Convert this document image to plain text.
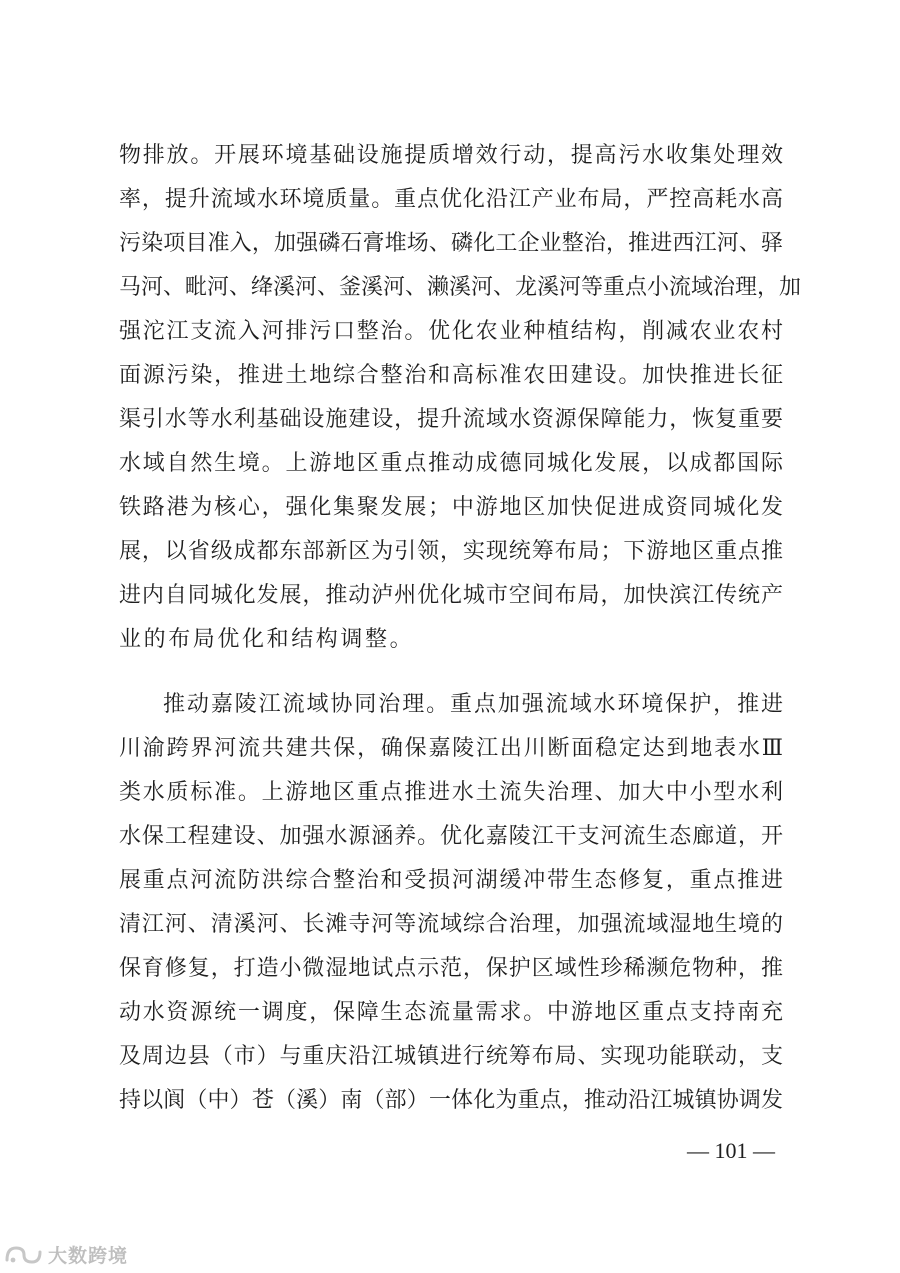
物排放。开展环境基础设施提质增效行动，提高污水收集处理效
率，提升流域水环境质量。重点优化沿江产业布局，严控高耗水高
污染项目准入，加强磷石膏堆场、磷化工企业整治，推进西江河、驿
马河、毗河、绛溪河、釜溪河、濑溪河、龙溪河等重点小流域治理，加
强沱江支流入河排污口整治。优化农业种植结构，削减农业农村
面源污染，推进土地综合整治和高标准农田建设。加快推进长征
渠引水等水利基础设施建设，提升流域水资源保障能力，恢复重要
水域自然生境。上游地区重点推动成德同城化发展，以成都国际
铁路港为核心，强化集聚发展；中游地区加快促进成资同城化发
展，以省级成都东部新区为引领，实现统筹布局；下游地区重点推
进内自同城化发展，推动泸州优化城市空间布局，加快滨江传统产
业的布局优化和结构调整。
推动嘉陵江流域协同治理。重点加强流域水环境保护，推进
川渝跨界河流共建共保，确保嘉陵江出川断面稳定达到地表水Ⅲ
类水质标准。上游地区重点推进水土流失治理、加大中小型水利
水保工程建设、加强水源涵养。优化嘉陵江干支河流生态廊道，开
展重点河流防洪综合整治和受损河湖缓冲带生态修复，重点推进
清江河、清溪河、长滩寺河等流域综合治理，加强流域湿地生境的
保育修复，打造小微湿地试点示范，保护区域性珍稀濒危物种，推
动水资源统一调度，保障生态流量需求。中游地区重点支持南充
及周边县（市）与重庆沿江城镇进行统筹布局、实现功能联动，支
持以阆（中）苍（溪）南（部）一体化为重点，推动沿江城镇协调发
— 101 —
大数跨境
